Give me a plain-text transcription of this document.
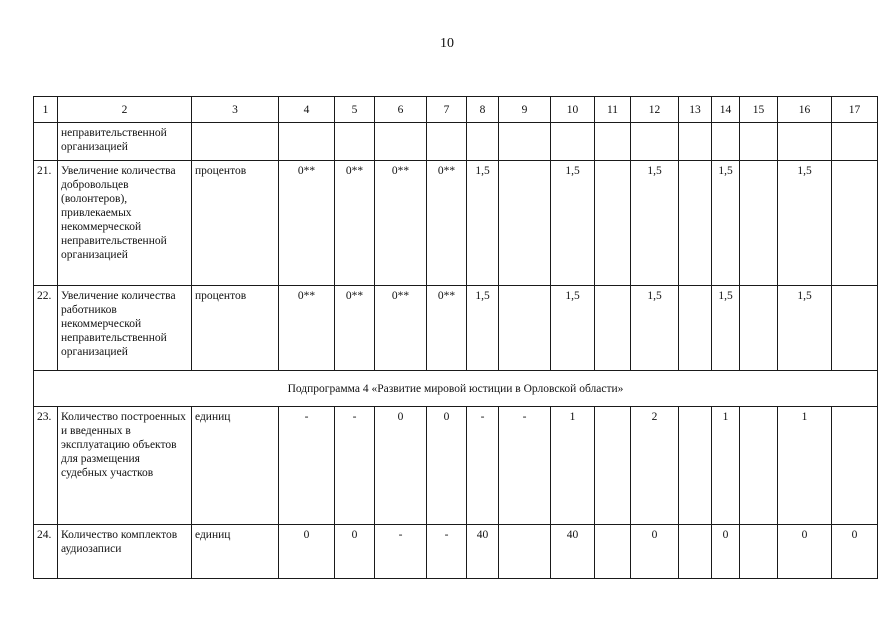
10
1	2	3	4	5	6	7	8	9	10	11	12	13	14	15	16	17
	неправительственной организацией															
21.	Увеличение количества добровольцев (волонтеров), привлекаемых некоммерческой неправительственной организацией	процентов	0**	0**	0**	0**	1,5		1,5		1,5		1,5		1,5	
22.	Увеличение количества работников некоммерческой неправительственной организацией	процентов	0**	0**	0**	0**	1,5		1,5		1,5		1,5		1,5	
Подпрограмма 4 «Развитие мировой юстиции в Орловской области»																
23.	Количество построенных и введенных в эксплуатацию объектов для размещения судебных участков	единиц	-	-	0	0	-	-	1		2		1		1	
24.	Количество комплектов аудиозаписи	единиц	0	0	-	-	40		40		0		0		0	0
